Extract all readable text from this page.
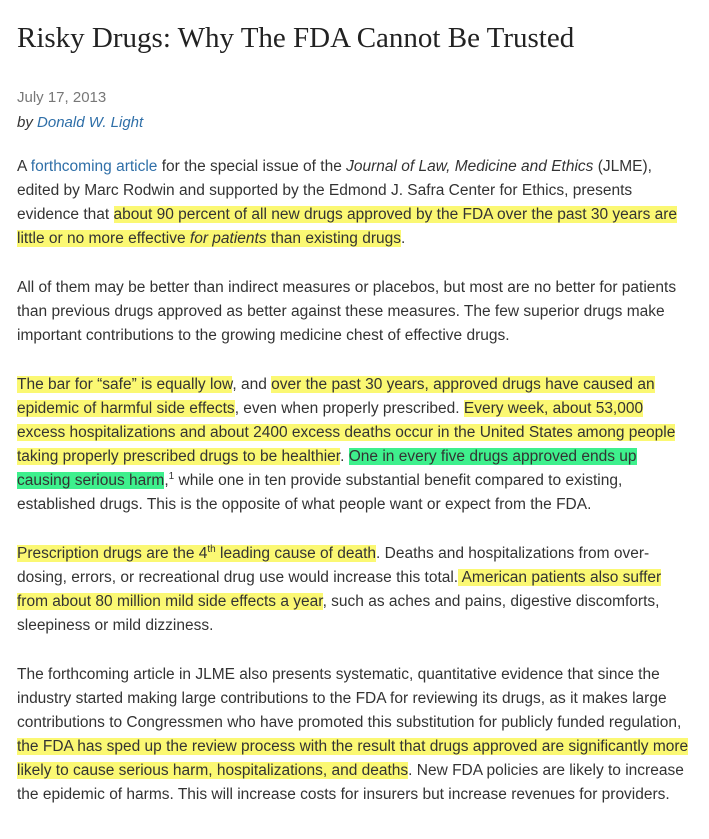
Risky Drugs: Why The FDA Cannot Be Trusted
July 17, 2013
by Donald W. Light

A forthcoming article for the special issue of the Journal of Law, Medicine and Ethics (JLME), edited by Marc Rodwin and supported by the Edmond J. Safra Center for Ethics, presents evidence that about 90 percent of all new drugs approved by the FDA over the past 30 years are little or no more effective for patients than existing drugs.

All of them may be better than indirect measures or placebos, but most are no better for patients than previous drugs approved as better against these measures. The few superior drugs make important contributions to the growing medicine chest of effective drugs.

The bar for “safe” is equally low, and over the past 30 years, approved drugs have caused an epidemic of harmful side effects, even when properly prescribed. Every week, about 53,000 excess hospitalizations and about 2400 excess deaths occur in the United States among people taking properly prescribed drugs to be healthier. One in every five drugs approved ends up causing serious harm,$^1$ while one in ten provide substantial benefit compared to existing, established drugs. This is the opposite of what people want or expect from the FDA.

Prescription drugs are the 4th leading cause of death. Deaths and hospitalizations from over-dosing, errors, or recreational drug use would increase this total. American patients also suffer from about 80 million mild side effects a year, such as aches and pains, digestive discomforts, sleepiness or mild dizziness.

The forthcoming article in JLME also presents systematic, quantitative evidence that since the industry started making large contributions to the FDA for reviewing its drugs, as it makes large contributions to Congressmen who have promoted this substitution for publicly funded regulation, the FDA has sped up the review process with the result that drugs approved are significantly more likely to cause serious harm, hospitalizations, and deaths. New FDA policies are likely to increase the epidemic of harms. This will increase costs for insurers but increase revenues for providers.
